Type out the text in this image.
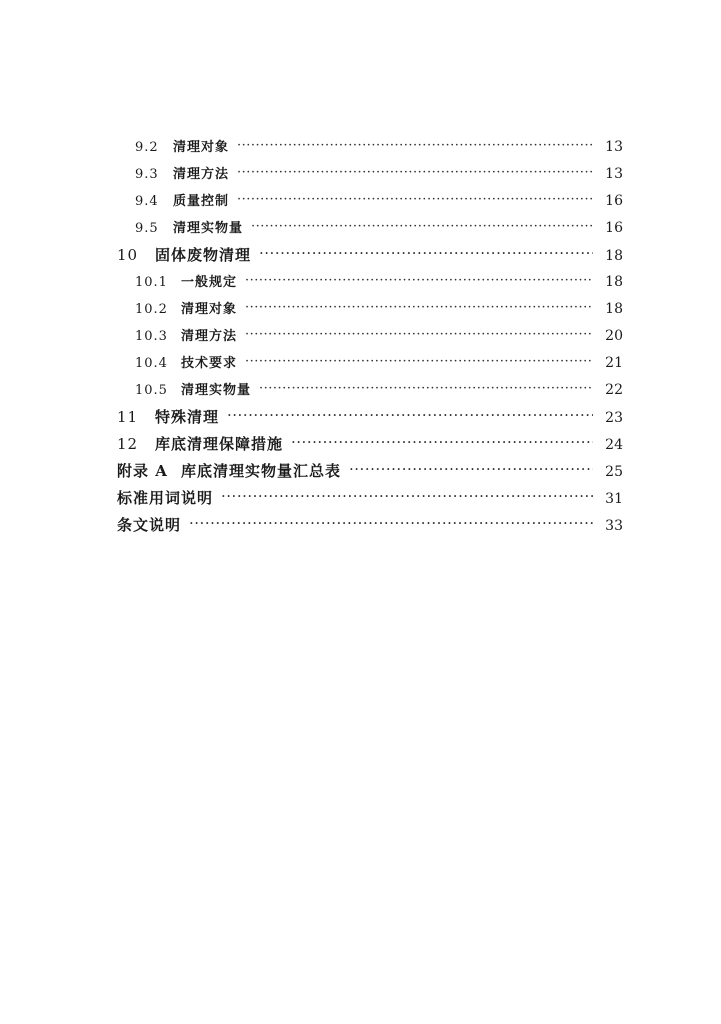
9.2	清理对象 ·····	13
9.3	清理方法 ·····	13
9.4	质量控制 ·····	16
9.5	清理实物量 ·····	16
10	固体废物清理 ·····	18
10.1	一般规定 ·····	18
10.2	清理对象 ·····	18
10.3	清理方法 ·····	20
10.4	技术要求 ·····	21
10.5	清理实物量 ·····	22
11	特殊清理 ·····	23
12	库底清理保障措施 ·····	24
附录 A 库底清理实物量汇总表 ·····	25
标准用词说明 ·····	31
条文说明 ·····	33
